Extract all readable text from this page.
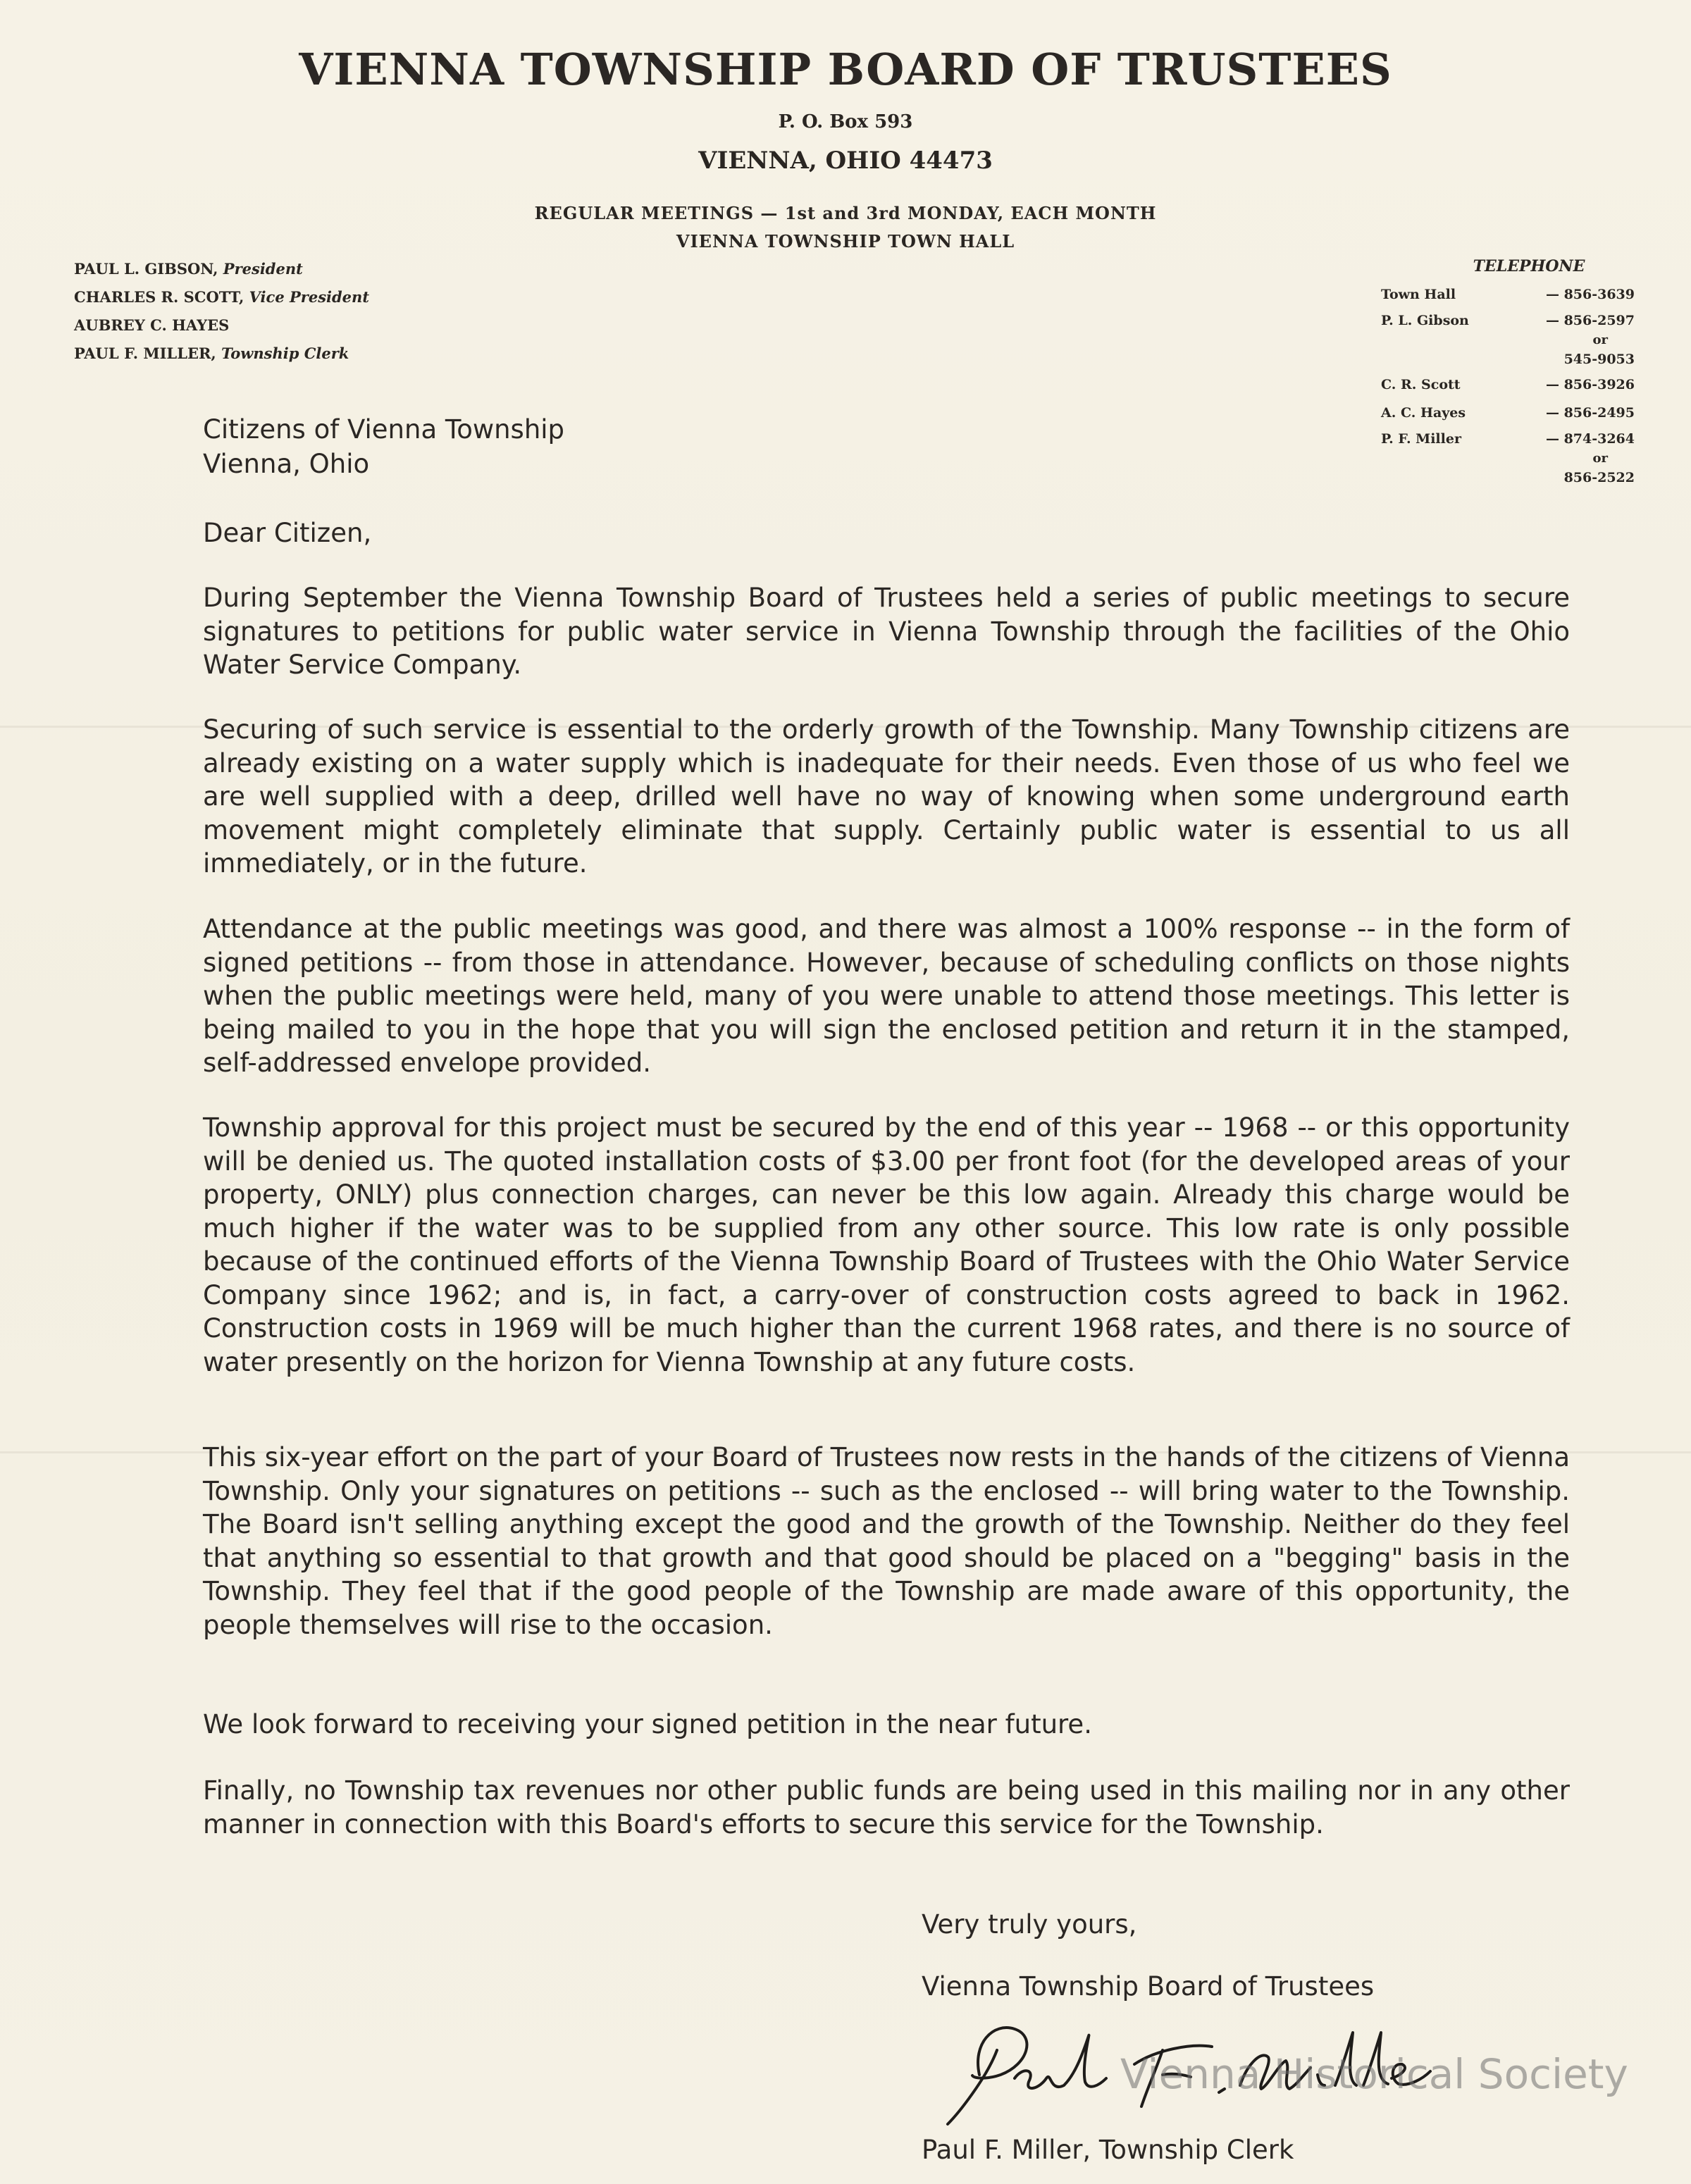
VIENNA TOWNSHIP BOARD OF TRUSTEES
P. O. Box 593
VIENNA, OHIO 44473
REGULAR MEETINGS — 1st and 3rd MONDAY, EACH MONTH
VIENNA TOWNSHIP TOWN HALL
PAUL L. GIBSON, President
CHARLES R. SCOTT, Vice President
AUBREY C. HAYES
PAUL F. MILLER, Township Clerk
TELEPHONE
Town Hall	— 856-3639
P. L. Gibson	— 856-2597
or
545-9053
C. R. Scott	— 856-3926
A. C. Hayes	— 856-2495
P. F. Miller	— 874-3264
or
856-2522
Citizens of Vienna Township
Vienna, Ohio
Dear Citizen,

During September the Vienna Township Board of Trustees held a series of public meetings to secure signatures to petitions for public water service in Vienna Township through the facilities of the Ohio Water Service Company.

Securing of such service is essential to the orderly growth of the Township. Many Township citizens are already existing on a water supply which is inadequate for their needs. Even those of us who feel we are well supplied with a deep, drilled well have no way of knowing when some underground earth movement might completely eliminate that supply. Certainly public water is essential to us all immediately, or in the future.

Attendance at the public meetings was good, and there was almost a 100% response -- in the form of signed petitions -- from those in attendance. However, because of scheduling conflicts on those nights when the public meetings were held, many of you were unable to attend those meetings. This letter is being mailed to you in the hope that you will sign the enclosed petition and return it in the stamped, self-addressed envelope provided.

Township approval for this project must be secured by the end of this year -- 1968 -- or this opportunity will be denied us. The quoted installation costs of $3.00 per front foot (for the developed areas of your property, ONLY) plus connection charges, can never be this low again. Already this charge would be much higher if the water was to be supplied from any other source. This low rate is only possible because of the continued efforts of the Vienna Township Board of Trustees with the Ohio Water Service Company since 1962; and is, in fact, a carry-over of construction costs agreed to back in 1962. Construction costs in 1969 will be much higher than the current 1968 rates, and there is no source of water presently on the horizon for Vienna Township at any future costs.

This six-year effort on the part of your Board of Trustees now rests in the hands of the citizens of Vienna Township. Only your signatures on petitions -- such as the enclosed -- will bring water to the Township. The Board isn't selling anything except the good and the growth of the Township. Neither do they feel that anything so essential to that growth and that good should be placed on a "begging" basis in the Township. They feel that if the good people of the Township are made aware of this opportunity, the people themselves will rise to the occasion.

We look forward to receiving your signed petition in the near future.

Finally, no Township tax revenues nor other public funds are being used in this mailing nor in any other manner in connection with this Board's efforts to secure this service for the Township.

Very truly yours,
Vienna Township Board of Trustees
Vienna Historical Society
Paul F. Miller, Township Clerk
